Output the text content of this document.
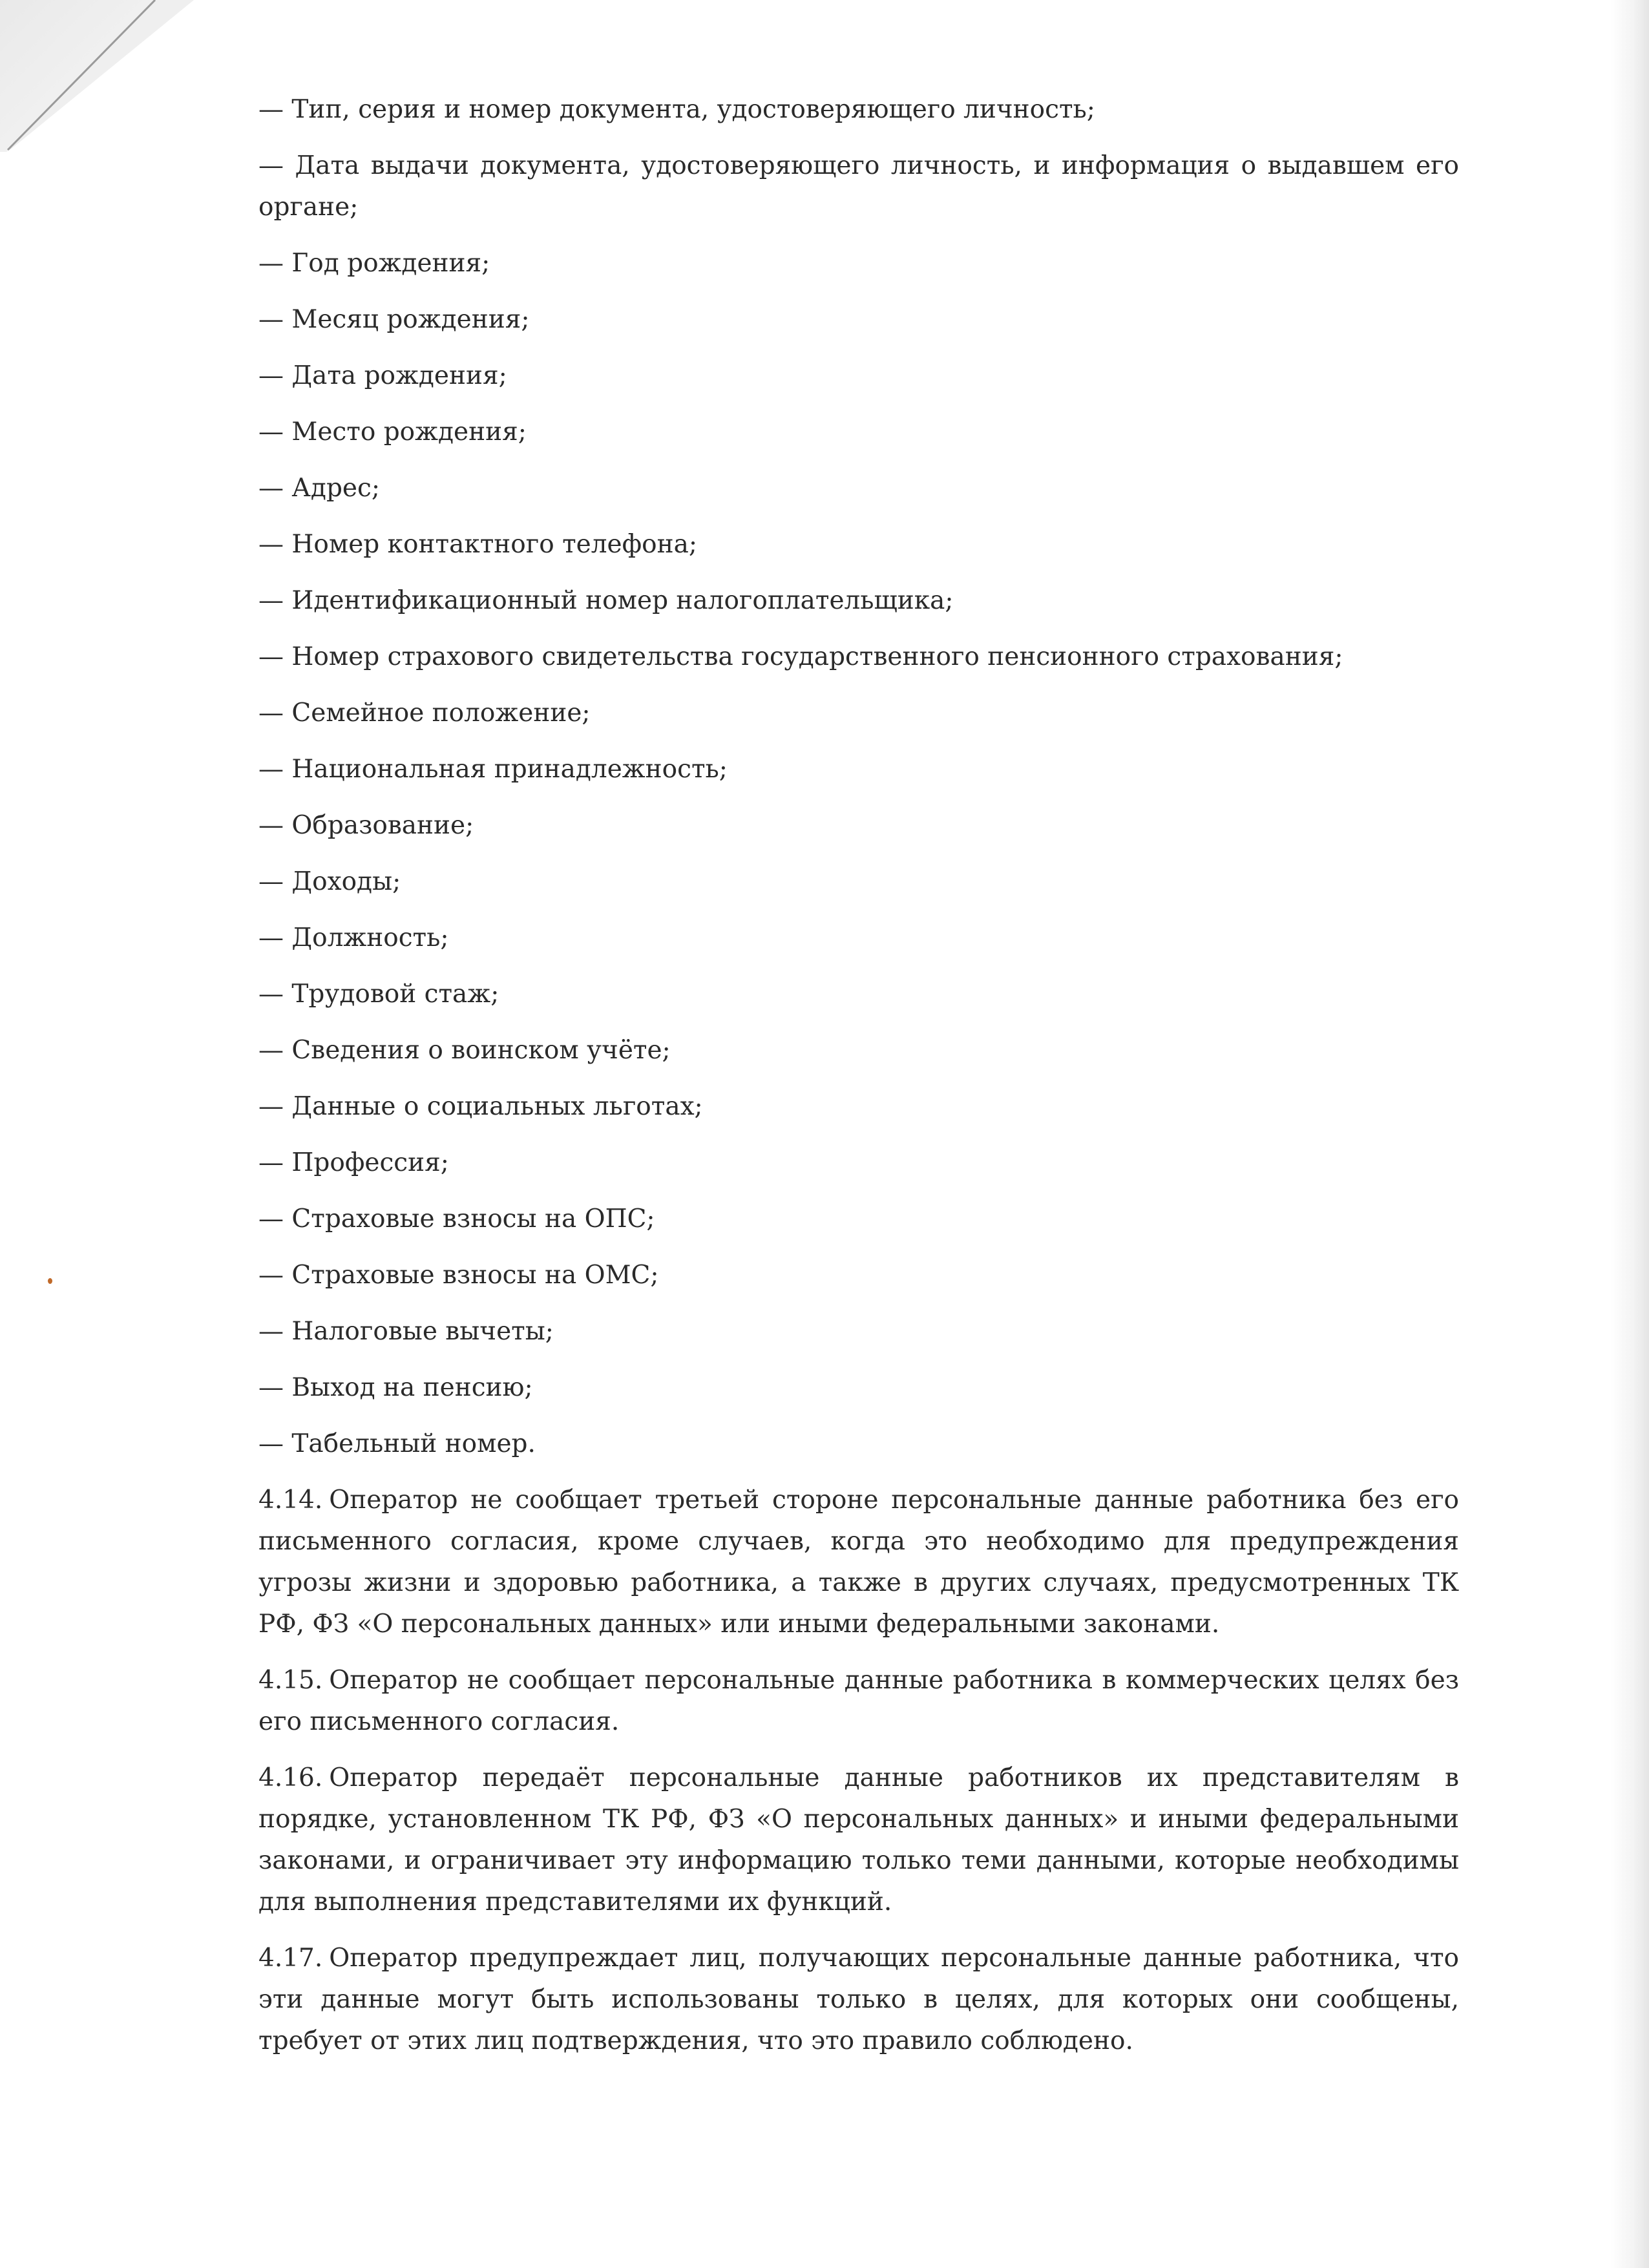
— Тип, серия и номер документа, удостоверяющего личность;
— Дата выдачи документа, удостоверяющего личность, и информация о выдавшем его органе;
— Год рождения;
— Месяц рождения;
— Дата рождения;
— Место рождения;
— Адрес;
— Номер контактного телефона;
— Идентификационный номер налогоплательщика;
— Номер страхового свидетельства государственного пенсионного страхования;
— Семейное положение;
— Национальная принадлежность;
— Образование;
— Доходы;
— Должность;
— Трудовой стаж;
— Сведения о воинском учёте;
— Данные о социальных льготах;
— Профессия;
— Страховые взносы на ОПС;
— Страховые взносы на ОМС;
— Налоговые вычеты;
— Выход на пенсию;
— Табельный номер.

4.14. Оператор не сообщает третьей стороне персональные данные работника без его письменного согласия, кроме случаев, когда это необходимо для предупреждения угрозы жизни и здоровью работника, а также в других случаях, предусмотренных ТК РФ, ФЗ «О персональных данных» или иными федеральными законами.

4.15. Оператор не сообщает персональные данные работника в коммерческих целях без его письменного согласия.

4.16. Оператор передаёт персональные данные работников их представителям в порядке, установленном ТК РФ, ФЗ «О персональных данных» и иными федеральными законами, и ограничивает эту информацию только теми данными, которые необходимы для выполнения представителями их функций.

4.17. Оператор предупреждает лиц, получающих персональные данные работника, что эти данные могут быть использованы только в целях, для которых они сообщены, требует от этих лиц подтверждения, что это правило соблюдено.
